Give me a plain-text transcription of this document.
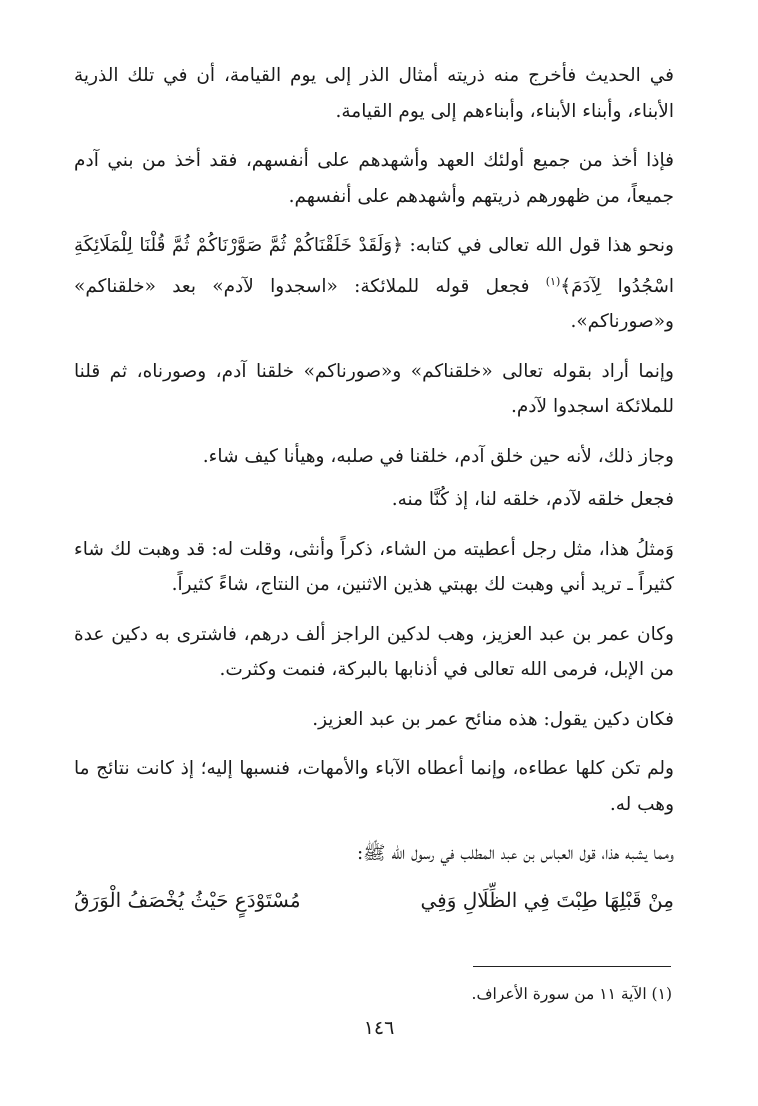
في الحديث فأخرج منه ذريته أمثال الذر إلى يوم القيامة، أن في تلك الذرية الأبناء، وأبناء الأبناء، وأبناءهم إلى يوم القيامة.

فإذا أخذ من جميع أولئك العهد وأشهدهم على أنفسهم، فقد أخذ من بني آدم جميعاً، من ظهورهم ذريتهم وأشهدهم على أنفسهم.

ونحو هذا قول الله تعالى في كتابه: ﴿وَلَقَدْ خَلَقْنَاكُمْ ثُمَّ صَوَّرْنَاكُمْ ثُمَّ قُلْنَا لِلْمَلَائِكَةِ اسْجُدُوا لِآدَمَ﴾$^{(١)}$ فجعل قوله للملائكة: «اسجدوا لآدم» بعد «خلقناكم» و«صورناكم».

وإنما أراد بقوله تعالى «خلقناكم» و«صورناكم» خلقنا آدم، وصورناه، ثم قلنا للملائكة اسجدوا لآدم.

وجاز ذلك، لأنه حين خلق آدم، خلقنا في صلبه، وهيأنا كيف شاء.

فجعل خلقه لآدم، خلقه لنا، إذ كُنَّا منه.

وَمثلُ هذا، مثل رجل أعطيته من الشاء، ذكراً وأنثى، وقلت له: قد وهبت لك شاء كثيراً ـ تريد أني وهبت لك بهبتي هذين الاثنين، من النتاج، شاءً كثيراً.

وكان عمر بن عبد العزيز، وهب لدكين الراجز ألف درهم، فاشترى به دكين عدة من الإبل، فرمى الله تعالى في أذنابها بالبركة، فنمت وكثرت.

فكان دكين يقول: هذه منائح عمر بن عبد العزيز.

ولم تكن كلها عطاءه، وإنما أعطاه الآباء والأمهات، فنسبها إليه؛ إذ كانت نتائج ما وهب له.

ومما يشبه هذا، قول العباس بن عبد المطلب في رسول الله ﷺ:

مِنْ قَبْلِهَا طِبْتَ فِي الظِّلَالِ وَفِي
مُسْتَوْدَعٍ حَيْثُ يُخْصَفُ الْوَرَقُ
(١) الآية ١١ من سورة الأعراف.
١٤٦
